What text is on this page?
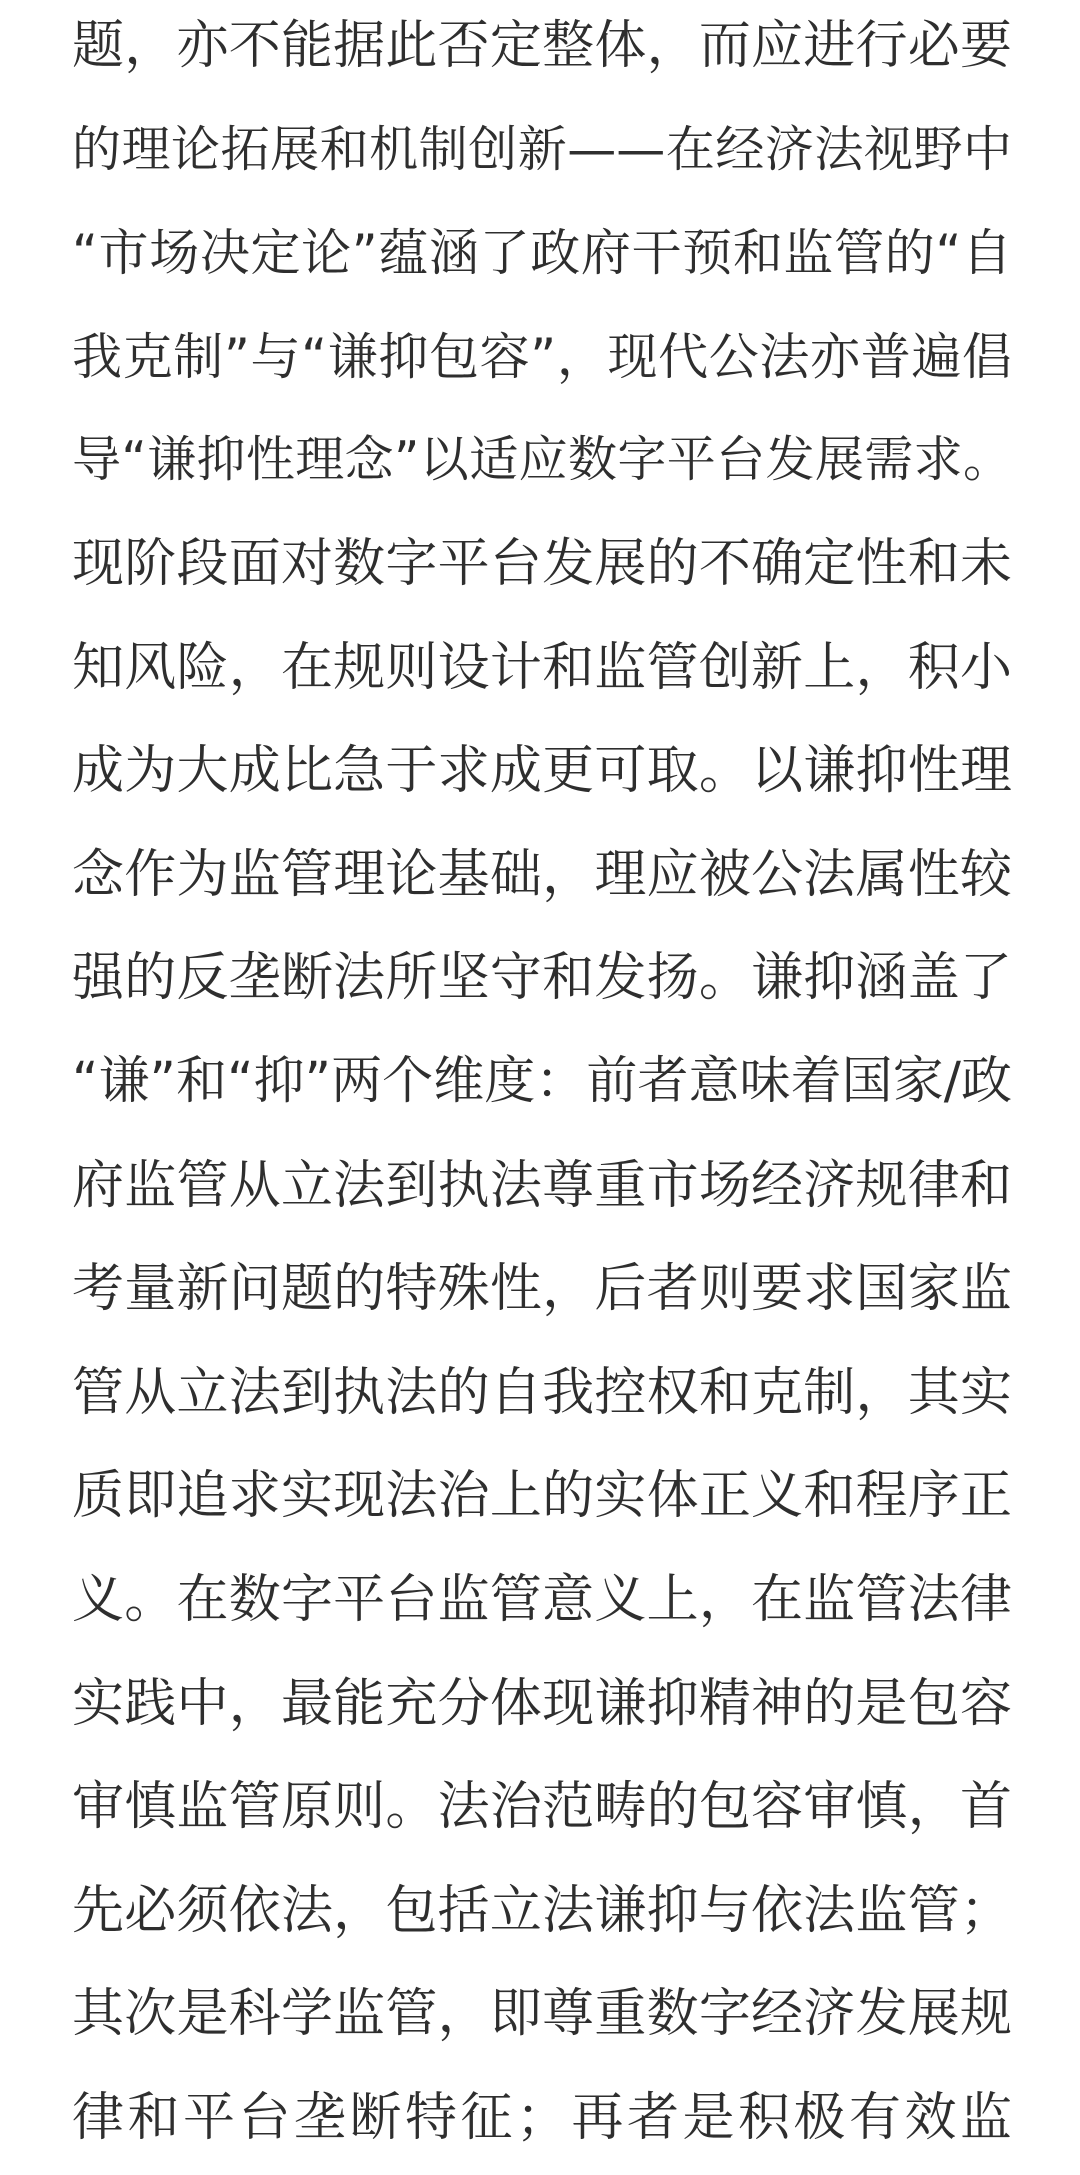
题，亦不能据此否定整体，而应进行必要
的理论拓展和机制创新——在经济法视野中
“市场决定论”蕴涵了政府干预和监管的“自
我克制”与“谦抑包容”，现代公法亦普遍倡
导“谦抑性理念”以适应数字平台发展需求。
现阶段面对数字平台发展的不确定性和未
知风险，在规则设计和监管创新上，积小
成为大成比急于求成更可取。以谦抑性理
念作为监管理论基础，理应被公法属性较
强的反垄断法所坚守和发扬。谦抑涵盖了
“谦”和“抑”两个维度：前者意味着国家/政
府监管从立法到执法尊重市场经济规律和
考量新问题的特殊性，后者则要求国家监
管从立法到执法的自我控权和克制，其实
质即追求实现法治上的实体正义和程序正
义。在数字平台监管意义上，在监管法律
实践中，最能充分体现谦抑精神的是包容
审慎监管原则。法治范畴的包容审慎，首
先必须依法，包括立法谦抑与依法监管；
其次是科学监管，即尊重数字经济发展规
律和平台垄断特征；再者是积极有效监
